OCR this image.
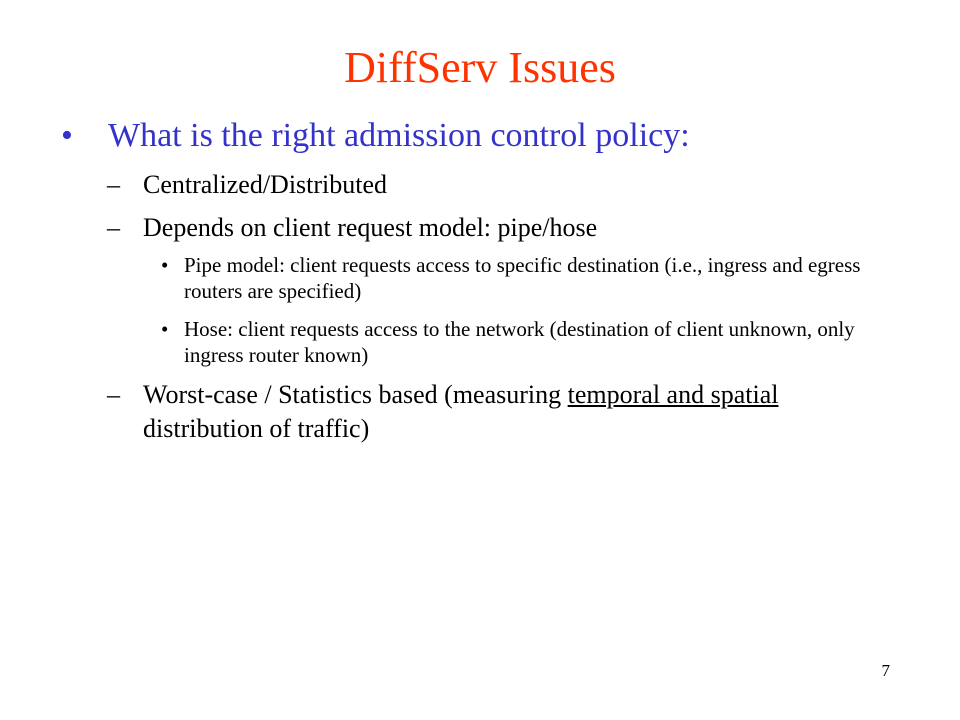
DiffServ Issues
• What is the right admission control policy:
– Centralized/Distributed
– Depends on client request model: pipe/hose
• Pipe model: client requests access to specific destination (i.e., ingress and egress routers are specified)
• Hose: client requests access to the network (destination of client unknown, only ingress router known)
– Worst-case / Statistics based (measuring temporal and spatial distribution of traffic)
7
